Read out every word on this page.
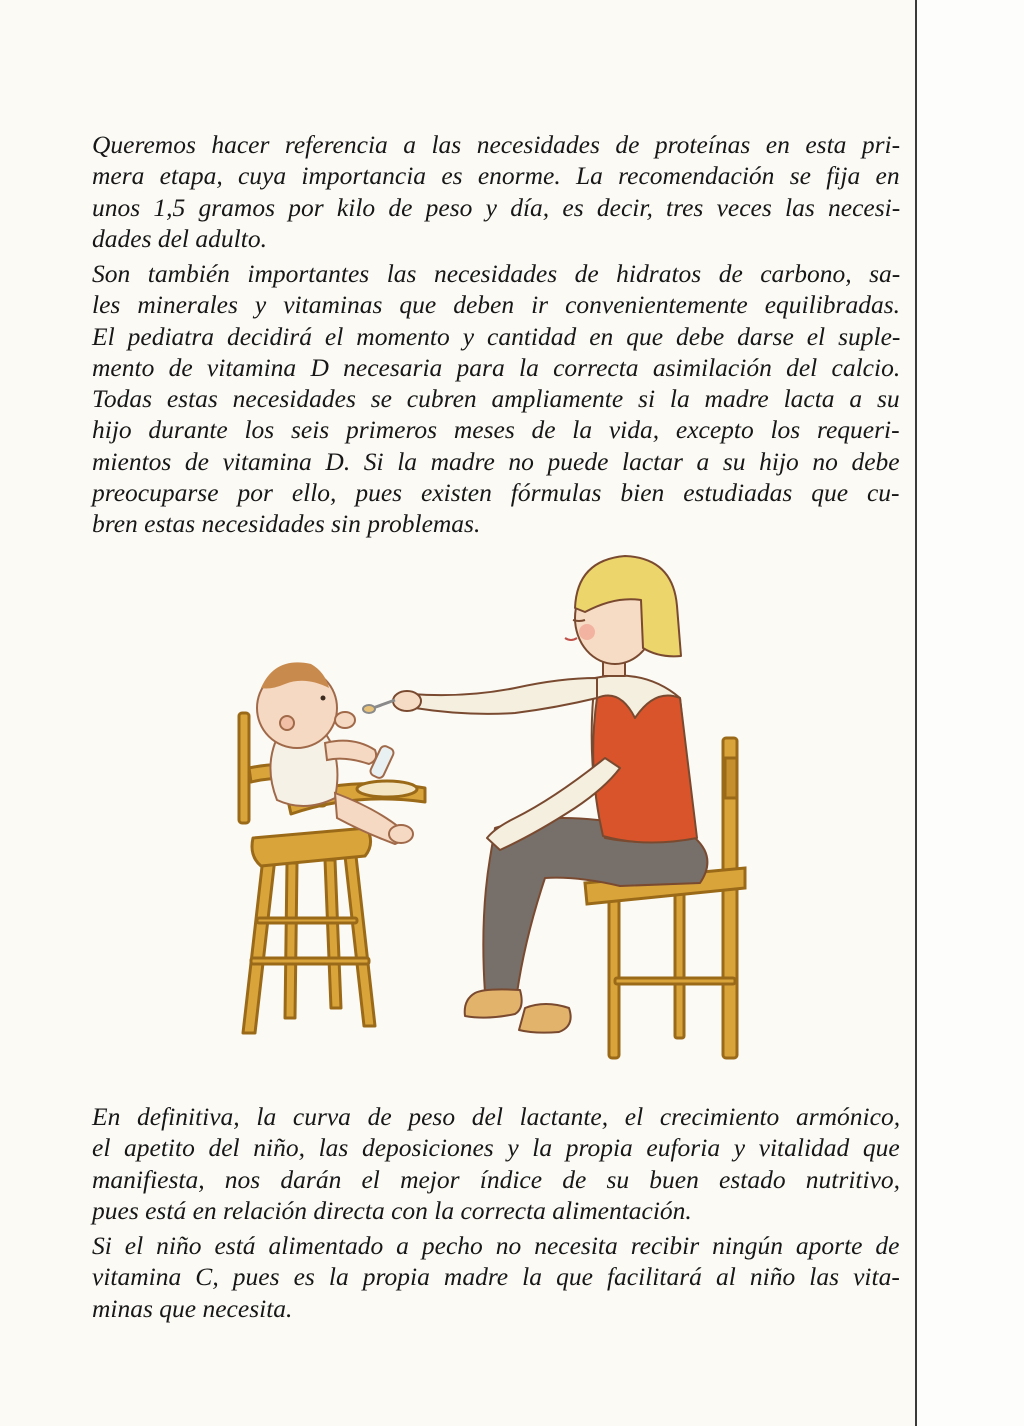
Queremos hacer referencia a las necesidades de proteínas en esta pri-
mera etapa, cuya importancia es enorme. La recomendación se fija en
unos 1,5 gramos por kilo de peso y día, es decir, tres veces las necesi-
dades del adulto.

Son también importantes las necesidades de hidratos de carbono, sa-
les minerales y vitaminas que deben ir convenientemente equilibradas.
El pediatra decidirá el momento y cantidad en que debe darse el suple-
mento de vitamina D necesaria para la correcta asimilación del calcio.
Todas estas necesidades se cubren ampliamente si la madre lacta a su
hijo durante los seis primeros meses de la vida, excepto los requeri-
mientos de vitamina D. Si la madre no puede lactar a su hijo no debe
preocuparse por ello, pues existen fórmulas bien estudiadas que cu-
bren estas necesidades sin problemas.

En definitiva, la curva de peso del lactante, el crecimiento armónico,
el apetito del niño, las deposiciones y la propia euforia y vitalidad que
manifiesta, nos darán el mejor índice de su buen estado nutritivo,
pues está en relación directa con la correcta alimentación.

Si el niño está alimentado a pecho no necesita recibir ningún aporte de
vitamina C, pues es la propia madre la que facilitará al niño las vita-
minas que necesita.
